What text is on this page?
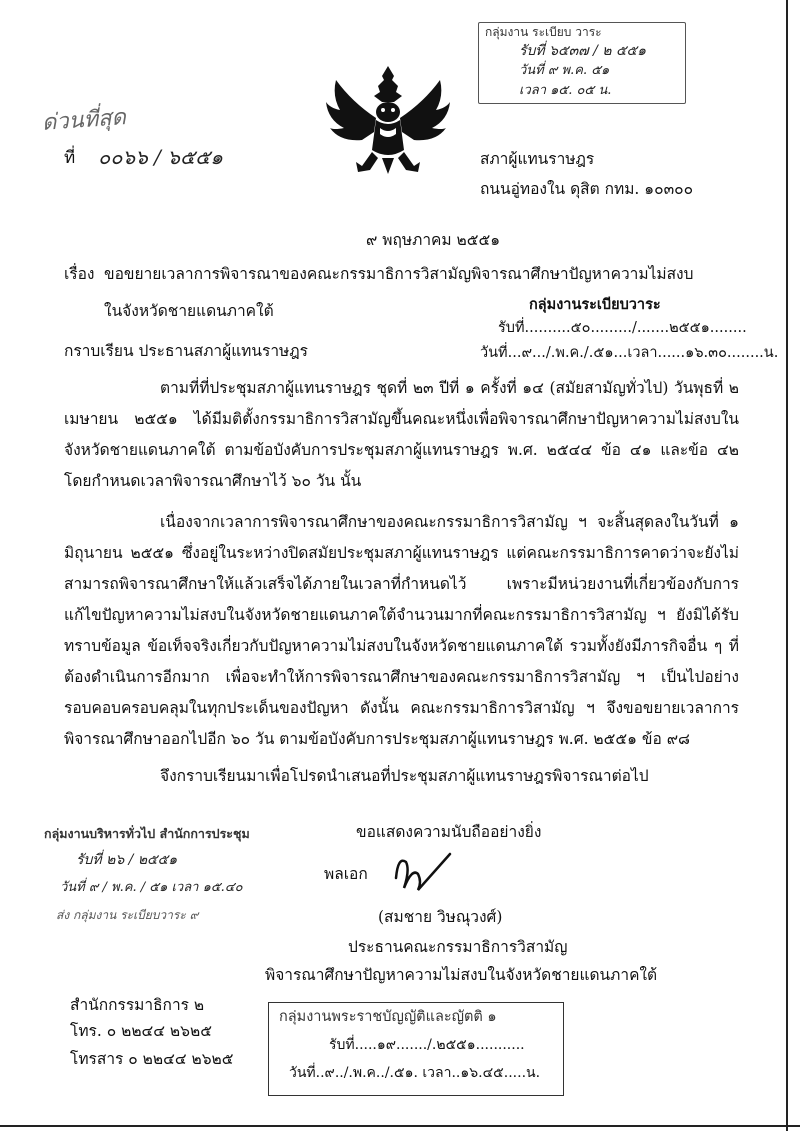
กลุ่มงาน ระเบียบ วาระ
รับที่ ๖๕๓๗ / ๒ ๕๕๑
วันที่ ๙ พ.ค. ๕๑
เวลา ๑๕. ๐๕ น.
ด่วนที่สุด
ที่ ๐๐๖๖ / ๖๕๕๑	สภาผู้แทนราษฎร
ถนนอู่ทองใน ดุสิต กทม. ๑๐๓๐๐
๙ พฤษภาคม ๒๕๕๑
เรื่อง ขอขยายเวลาการพิจารณาของคณะกรรมาธิการวิสามัญพิจารณาศึกษาปัญหาความไม่สงบ
ในจังหวัดชายแดนภาคใต้	กลุ่มงานระเบียบวาระ
รับที่..........๕๐........./.......๒๕๕๑........
วันที่...๙.../.พ.ค./.๕๑...เวลา......๑๖.๓๐........น.
กราบเรียน ประธานสภาผู้แทนราษฎร
ตามที่ที่ประชุมสภาผู้แทนราษฎร ชุดที่ ๒๓ ปีที่ ๑ ครั้งที่ ๑๔ (สมัยสามัญทั่วไป) วันพุธที่ ๒ เมษายน ๒๕๕๑ ได้มีมติตั้งกรรมาธิการวิสามัญขึ้นคณะหนึ่งเพื่อพิจารณาศึกษาปัญหาความไม่สงบในจังหวัดชายแดนภาคใต้ ตามข้อบังคับการประชุมสภาผู้แทนราษฎร พ.ศ. ๒๕๔๔ ข้อ ๔๑ และข้อ ๔๒ โดยกำหนดเวลาพิจารณาศึกษาไว้ ๖๐ วัน นั้น
เนื่องจากเวลาการพิจารณาศึกษาของคณะกรรมาธิการวิสามัญ ฯ จะสิ้นสุดลงในวันที่ ๑ มิถุนายน ๒๕๕๑ ซึ่งอยู่ในระหว่างปิดสมัยประชุมสภาผู้แทนราษฎร แต่คณะกรรมาธิการคาดว่าจะยังไม่สามารถพิจารณาศึกษาให้แล้วเสร็จได้ภายในเวลาที่กำหนดไว้ เพราะมีหน่วยงานที่เกี่ยวข้องกับการแก้ไขปัญหาความไม่สงบในจังหวัดชายแดนภาคใต้จำนวนมากที่คณะกรรมาธิการวิสามัญ ฯ ยังมิได้รับทราบข้อมูล ข้อเท็จจริงเกี่ยวกับปัญหาความไม่สงบในจังหวัดชายแดนภาคใต้ รวมทั้งยังมีภารกิจอื่น ๆ ที่ต้องดำเนินการอีกมาก เพื่อจะทำให้การพิจารณาศึกษาของคณะกรรมาธิการวิสามัญ ฯ เป็นไปอย่างรอบคอบครอบคลุมในทุกประเด็นของปัญหา ดังนั้น คณะกรรมาธิการวิสามัญ ฯ จึงขอขยายเวลาการพิจารณาศึกษาออกไปอีก ๖๐ วัน ตามข้อบังคับการประชุมสภาผู้แทนราษฎร พ.ศ. ๒๕๕๑ ข้อ ๙๘
จึงกราบเรียนมาเพื่อโปรดนำเสนอที่ประชุมสภาผู้แทนราษฎรพิจารณาต่อไป
ขอแสดงความนับถืออย่างยิ่ง
พลเอก
(สมชาย วิษณุวงศ์)
ประธานคณะกรรมาธิการวิสามัญ
พิจารณาศึกษาปัญหาความไม่สงบในจังหวัดชายแดนภาคใต้
กลุ่มงานบริหารทั่วไป สำนักการประชุม
รับที่ ๒๖ / ๒๕๕๑
วันที่ ๙ / พ.ค. / ๕๑ เวลา ๑๕.๔๐
ส่ง กลุ่มงาน ระเบียบวาระ ๙
สำนักกรรมาธิการ ๒
โทร. ๐ ๒๒๔๔ ๒๖๒๕
โทรสาร ๐ ๒๒๔๔ ๒๖๒๕
กลุ่มงานพระราชบัญญัติและญัตติ ๑
รับที่.....๑๙......./.๒๕๕๑...........
วันที่..๙../.พ.ค../.๕๑. เวลา..๑๖.๔๕.....น.
